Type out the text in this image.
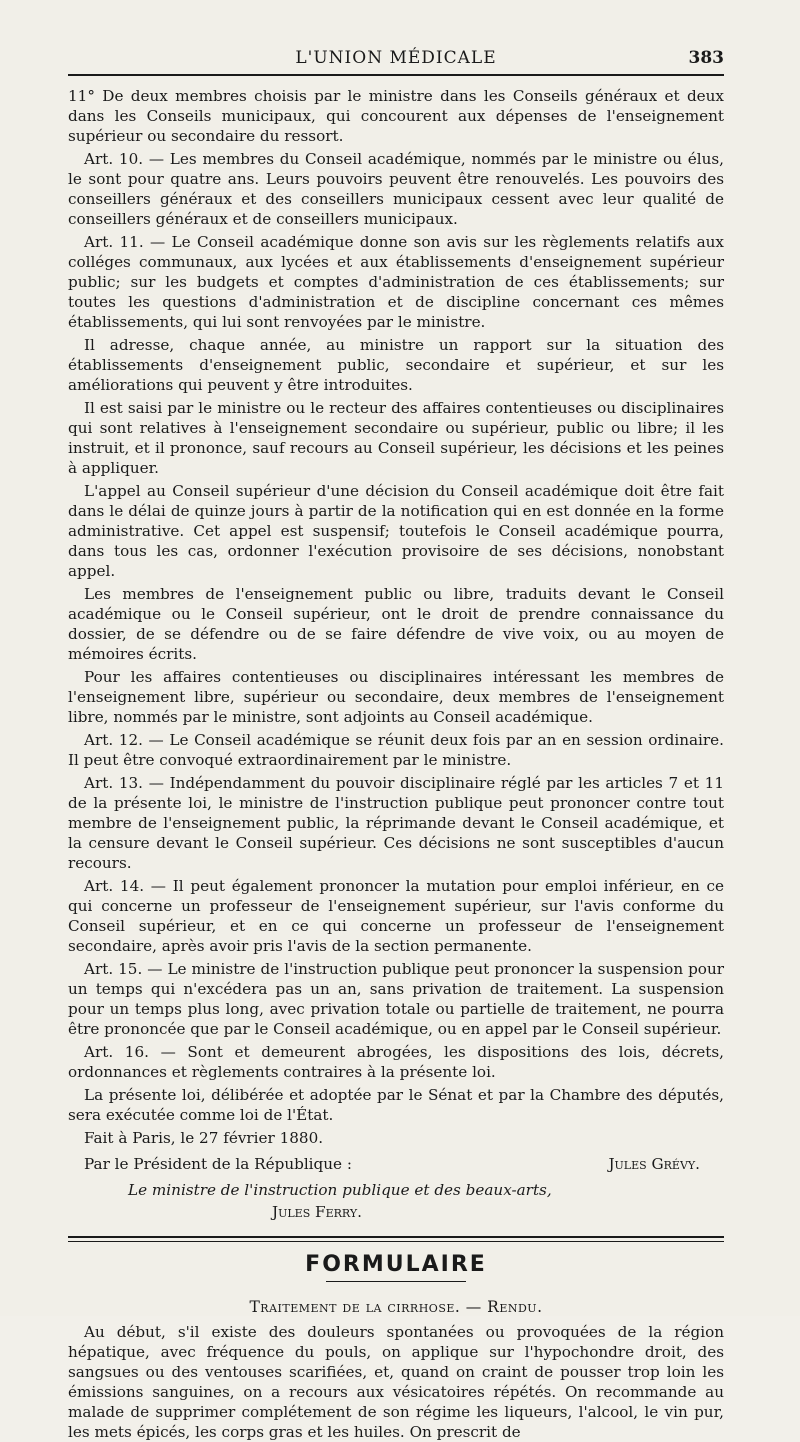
L'UNION MÉDICALE	383

11° De deux membres choisis par le ministre dans les Conseils généraux et deux dans les Conseils municipaux, qui concourent aux dépenses de l'enseignement supérieur ou secondaire du ressort.

Art. 10. — Les membres du Conseil académique, nommés par le ministre ou élus, le sont pour quatre ans. Leurs pouvoirs peuvent être renouvelés. Les pouvoirs des conseillers généraux et des conseillers municipaux cessent avec leur qualité de conseillers généraux et de conseillers municipaux.

Art. 11. — Le Conseil académique donne son avis sur les règlements relatifs aux colléges communaux, aux lycées et aux établissements d'enseignement supérieur public; sur les budgets et comptes d'administration de ces établissements; sur toutes les questions d'administration et de discipline concernant ces mêmes établissements, qui lui sont renvoyées par le ministre.

Il adresse, chaque année, au ministre un rapport sur la situation des établissements d'enseignement public, secondaire et supérieur, et sur les améliorations qui peuvent y être introduites.

Il est saisi par le ministre ou le recteur des affaires contentieuses ou disciplinaires qui sont relatives à l'enseignement secondaire ou supérieur, public ou libre; il les instruit, et il prononce, sauf recours au Conseil supérieur, les décisions et les peines à appliquer.

L'appel au Conseil supérieur d'une décision du Conseil académique doit être fait dans le délai de quinze jours à partir de la notification qui en est donnée en la forme administrative. Cet appel est suspensif; toutefois le Conseil académique pourra, dans tous les cas, ordonner l'exécution provisoire de ses décisions, nonobstant appel.

Les membres de l'enseignement public ou libre, traduits devant le Conseil académique ou le Conseil supérieur, ont le droit de prendre connaissance du dossier, de se défendre ou de se faire défendre de vive voix, ou au moyen de mémoires écrits.

Pour les affaires contentieuses ou disciplinaires intéressant les membres de l'enseignement libre, supérieur ou secondaire, deux membres de l'enseignement libre, nommés par le ministre, sont adjoints au Conseil académique.

Art. 12. — Le Conseil académique se réunit deux fois par an en session ordinaire. Il peut être convoqué extraordinairement par le ministre.

Art. 13. — Indépendamment du pouvoir disciplinaire réglé par les articles 7 et 11 de la présente loi, le ministre de l'instruction publique peut prononcer contre tout membre de l'enseignement public, la réprimande devant le Conseil académique, et la censure devant le Conseil supérieur. Ces décisions ne sont susceptibles d'aucun recours.

Art. 14. — Il peut également prononcer la mutation pour emploi inférieur, en ce qui concerne un professeur de l'enseignement supérieur, sur l'avis conforme du Conseil supérieur, et en ce qui concerne un professeur de l'enseignement secondaire, après avoir pris l'avis de la section permanente.

Art. 15. — Le ministre de l'instruction publique peut prononcer la suspension pour un temps qui n'excédera pas un an, sans privation de traitement. La suspension pour un temps plus long, avec privation totale ou partielle de traitement, ne pourra être prononcée que par le Conseil académique, ou en appel par le Conseil supérieur.

Art. 16. — Sont et demeurent abrogées, les dispositions des lois, décrets, ordonnances et règlements contraires à la présente loi.

La présente loi, délibérée et adoptée par le Sénat et par la Chambre des députés, sera exécutée comme loi de l'État.

Fait à Paris, le 27 février 1880.

Par le Président de la République :	Jules Grévy.
Le ministre de l'instruction publique et des beaux-arts,
Jules Ferry.
FORMULAIRE
Traitement de la cirrhose. — Rendu.

Au début, s'il existe des douleurs spontanées ou provoquées de la région hépatique, avec fréquence du pouls, on applique sur l'hypochondre droit, des sangsues ou des ventouses scarifiées, et, quand on craint de pousser trop loin les émissions sanguines, on a recours aux vésicatoires répétés. On recommande au malade de supprimer complétement de son régime les liqueurs, l'alcool, le vin pur, les mets épicés, les corps gras et les huiles. On prescrit de
